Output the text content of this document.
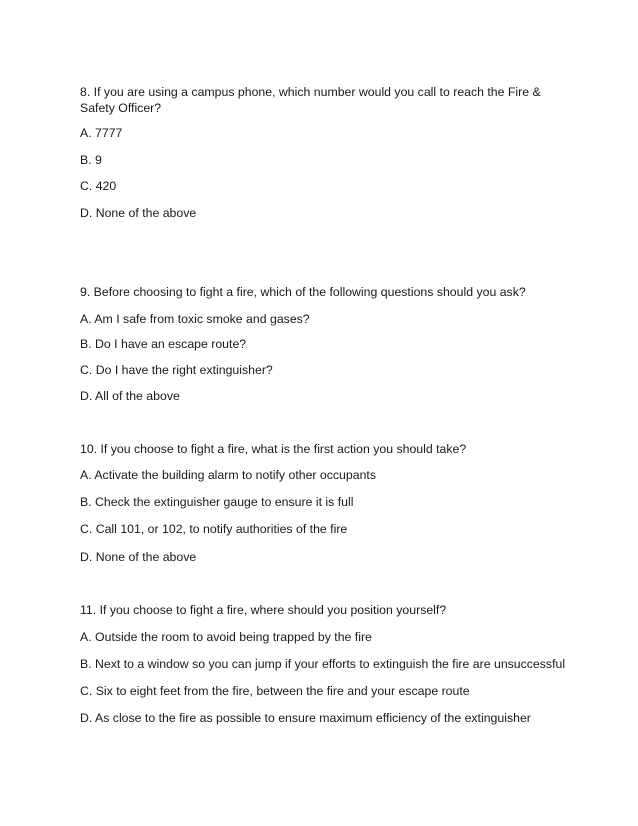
8. If you are using a campus phone, which number would you call to reach the Fire & Safety Officer?
A. 7777
B. 9
C. 420
D. None of the above
9. Before choosing to fight a fire, which of the following questions should you ask?
A. Am I safe from toxic smoke and gases?
B. Do I have an escape route?
C. Do I have the right extinguisher?
D. All of the above
10. If you choose to fight a fire, what is the first action you should take?
A. Activate the building alarm to notify other occupants
B. Check the extinguisher gauge to ensure it is full
C. Call 101, or 102, to notify authorities of the fire
D. None of the above
11. If you choose to fight a fire, where should you position yourself?
A. Outside the room to avoid being trapped by the fire
B. Next to a window so you can jump if your efforts to extinguish the fire are unsuccessful
C. Six to eight feet from the fire, between the fire and your escape route
D. As close to the fire as possible to ensure maximum efficiency of the extinguisher
